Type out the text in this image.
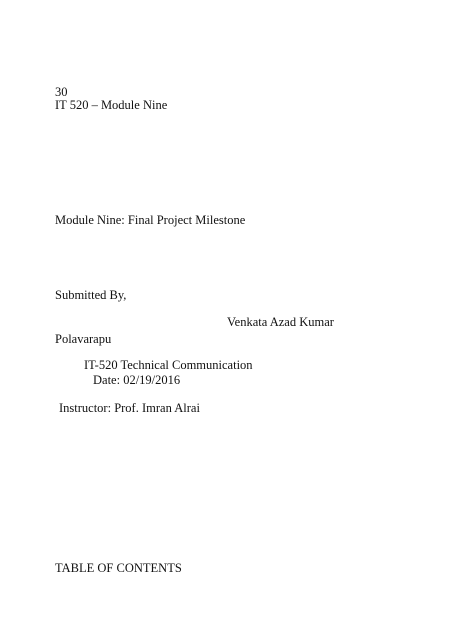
30
IT 520 – Module Nine
Module Nine: Final Project Milestone
Submitted By,
Venkata Azad Kumar
Polavarapu
IT-520 Technical Communication
Date: 02/19/2016
Instructor: Prof. Imran Alrai
TABLE OF CONTENTS
